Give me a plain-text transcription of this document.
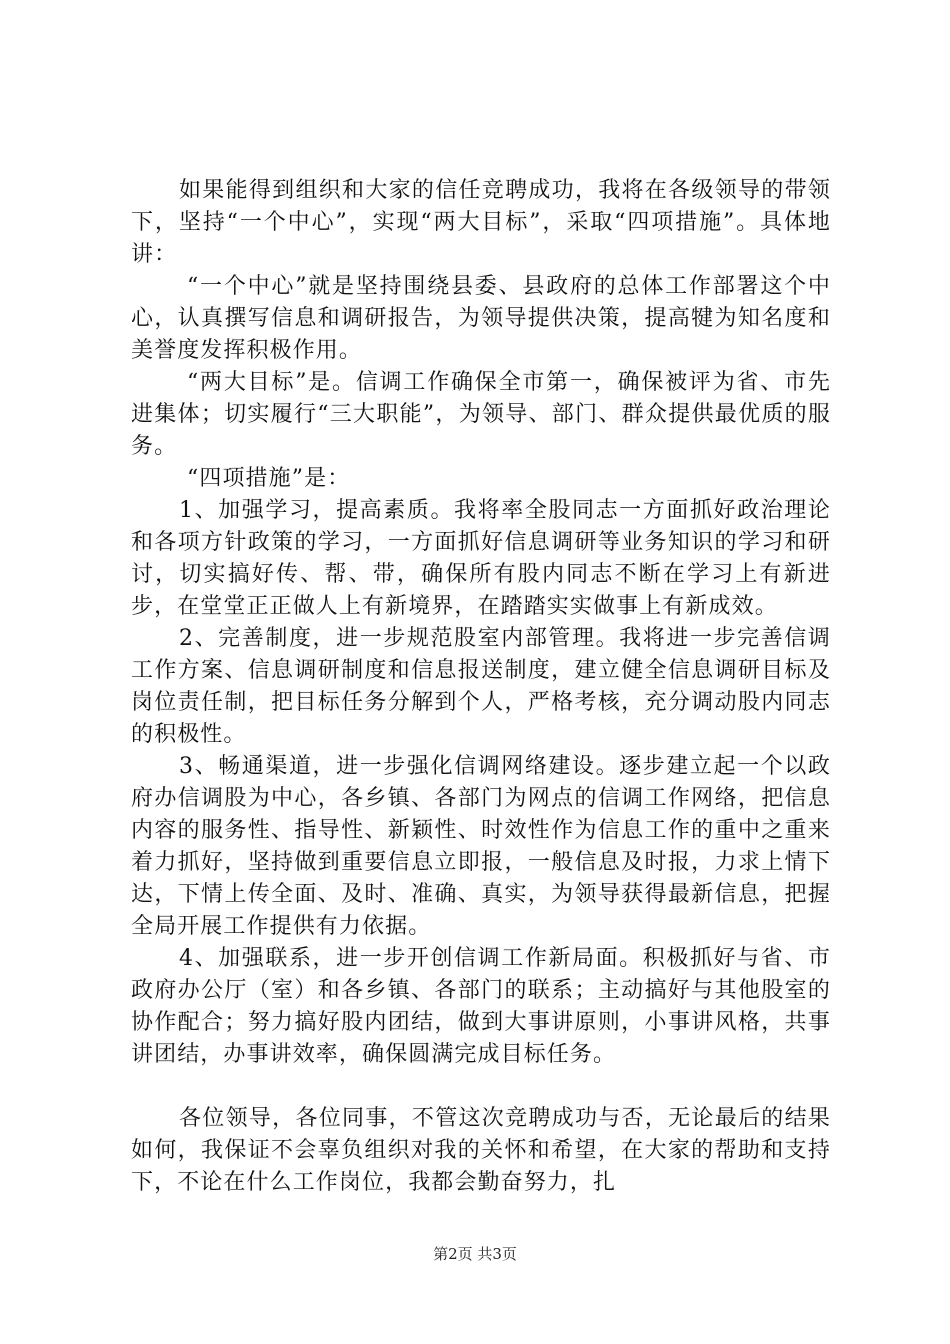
如果能得到组织和大家的信任竞聘成功，我将在各级领导的带领下，坚持“一个中心”，实现“两大目标”，采取“四项措施”。具体地讲：

“一个中心”就是坚持围绕县委、县政府的总体工作部署这个中心，认真撰写信息和调研报告，为领导提供决策，提高犍为知名度和美誉度发挥积极作用。

“两大目标”是。信调工作确保全市第一，确保被评为省、市先进集体；切实履行“三大职能”，为领导、部门、群众提供最优质的服务。

“四项措施”是：

1、加强学习，提高素质。我将率全股同志一方面抓好政治理论和各项方针政策的学习，一方面抓好信息调研等业务知识的学习和研讨，切实搞好传、帮、带，确保所有股内同志不断在学习上有新进步，在堂堂正正做人上有新境界，在踏踏实实做事上有新成效。

2、完善制度，进一步规范股室内部管理。我将进一步完善信调工作方案、信息调研制度和信息报送制度，建立健全信息调研目标及岗位责任制，把目标任务分解到个人，严格考核，充分调动股内同志的积极性。

3、畅通渠道，进一步强化信调网络建设。逐步建立起一个以政府办信调股为中心，各乡镇、各部门为网点的信调工作网络，把信息内容的服务性、指导性、新颖性、时效性作为信息工作的重中之重来着力抓好，坚持做到重要信息立即报，一般信息及时报，力求上情下达，下情上传全面、及时、准确、真实，为领导获得最新信息，把握全局开展工作提供有力依据。

4、加强联系，进一步开创信调工作新局面。积极抓好与省、市政府办公厅（室）和各乡镇、各部门的联系；主动搞好与其他股室的协作配合；努力搞好股内团结，做到大事讲原则，小事讲风格，共事讲团结，办事讲效率，确保圆满完成目标任务。

各位领导，各位同事，不管这次竞聘成功与否，无论最后的结果如何，我保证不会辜负组织对我的关怀和希望，在大家的帮助和支持下，不论在什么工作岗位，我都会勤奋努力，扎

第2页 共3页
